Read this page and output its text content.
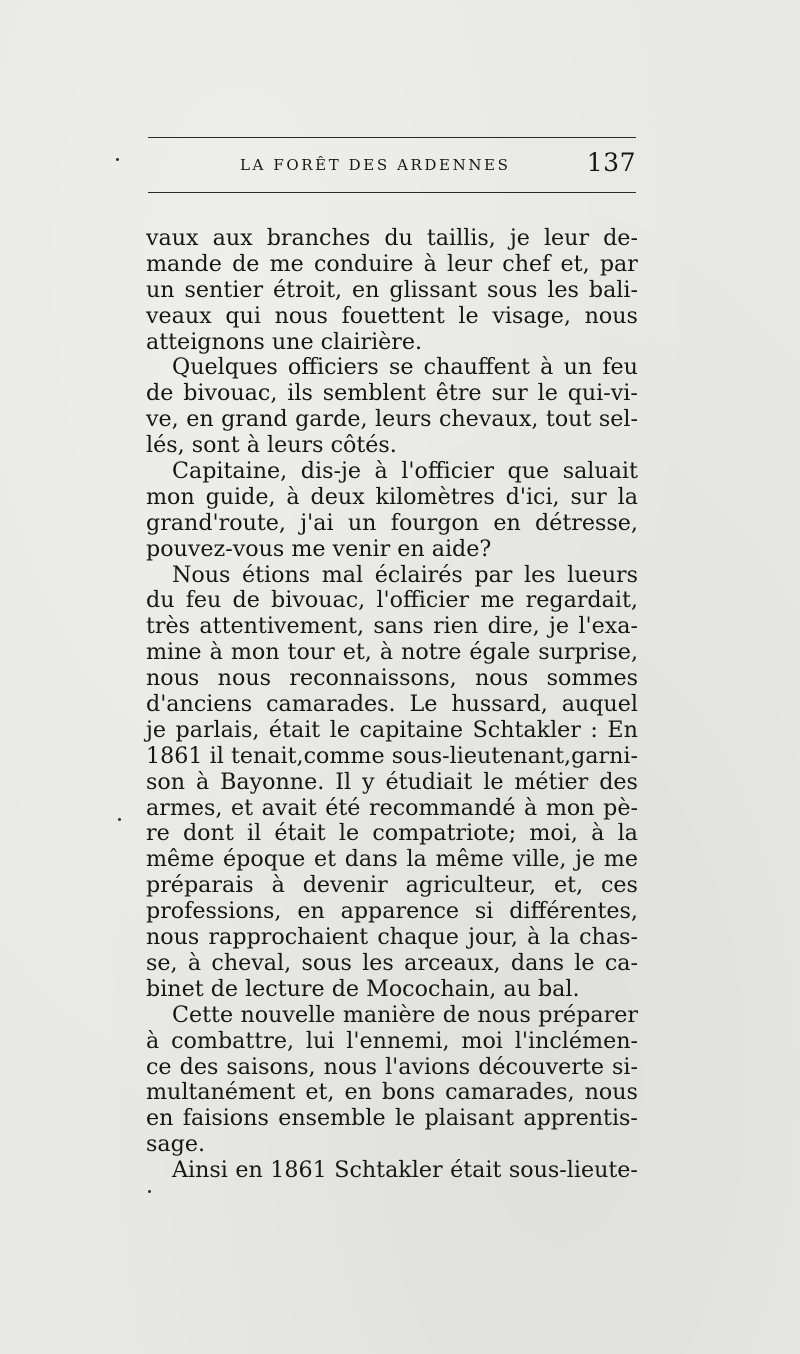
LA FORÊT DES ARDENNES	137
vaux aux branches du taillis, je leur de-
mande de me conduire à leur chef et, par
un sentier étroit, en glissant sous les bali-
veaux qui nous fouettent le visage, nous
atteignons une clairière.
Quelques officiers se chauffent à un feu
de bivouac, ils semblent être sur le qui-vi-
ve, en grand garde, leurs chevaux, tout sel-
lés, sont à leurs côtés.
Capitaine, dis-je à l'officier que saluait
mon guide, à deux kilomètres d'ici, sur la
grand'route, j'ai un fourgon en détresse,
pouvez-vous me venir en aide?
Nous étions mal éclairés par les lueurs
du feu de bivouac, l'officier me regardait,
très attentivement, sans rien dire, je l'exa-
mine à mon tour et, à notre égale surprise,
nous nous reconnaissons, nous sommes
d'anciens camarades. Le hussard, auquel
je parlais, était le capitaine Schtakler : En
1861 il tenait,comme sous-lieutenant,garni-
son à Bayonne. Il y étudiait le métier des
armes, et avait été recommandé à mon pè-
re dont il était le compatriote; moi, à la
même époque et dans la même ville, je me
préparais à devenir agriculteur, et, ces
professions, en apparence si différentes,
nous rapprochaient chaque jour, à la chas-
se, à cheval, sous les arceaux, dans le ca-
binet de lecture de Mocochain, au bal.
Cette nouvelle manière de nous préparer
à combattre, lui l'ennemi, moi l'inclémen-
ce des saisons, nous l'avions découverte si-
multanément et, en bons camarades, nous
en faisions ensemble le plaisant apprentis-
sage.
Ainsi en 1861 Schtakler était sous-lieute-
